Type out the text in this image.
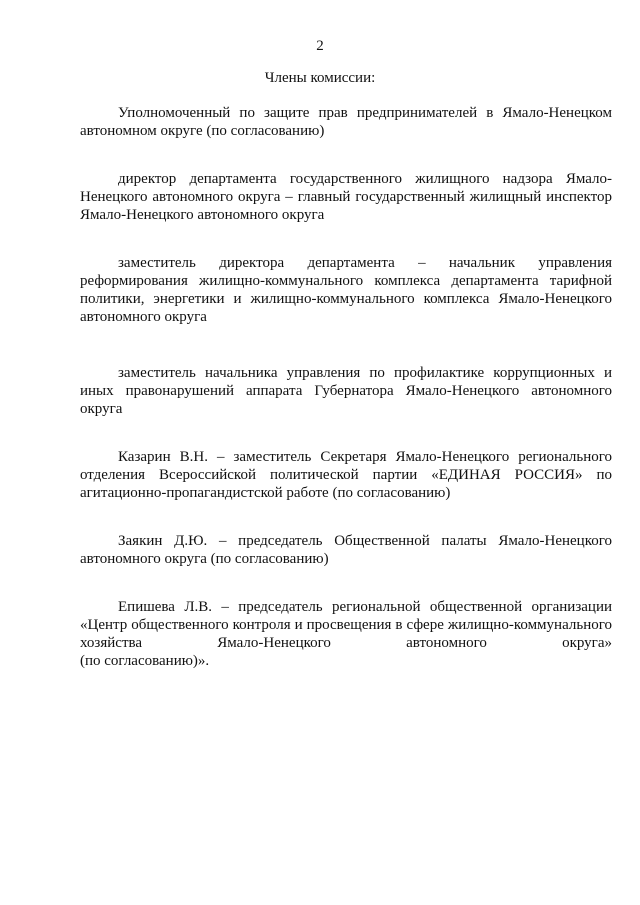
2
Члены комиссии:

Уполномоченный по защите прав предпринимателей в Ямало-Ненецком автономном округе (по согласованию)

директор департамента государственного жилищного надзора Ямало-Ненецкого автономного округа – главный государственный жилищный инспектор Ямало-Ненецкого автономного округа

заместитель директора департамента – начальник управления реформирования жилищно-коммунального комплекса департамента тарифной политики, энергетики и жилищно-коммунального комплекса Ямало-Ненецкого автономного округа

заместитель начальника управления по профилактике коррупционных и иных правонарушений аппарата Губернатора Ямало-Ненецкого автономного округа

Казарин В.Н. – заместитель Секретаря Ямало-Ненецкого регионального отделения Всероссийской политической партии «ЕДИНАЯ РОССИЯ» по агитационно-пропагандистской работе (по согласованию)

Заякин Д.Ю. – председатель Общественной палаты Ямало-Ненецкого автономного округа (по согласованию)

Епишева Л.В. – председатель региональной общественной организации «Центр общественного контроля и просвещения в сфере жилищно-коммунального хозяйства Ямало-Ненецкого автономного округа»
(по согласованию)».
